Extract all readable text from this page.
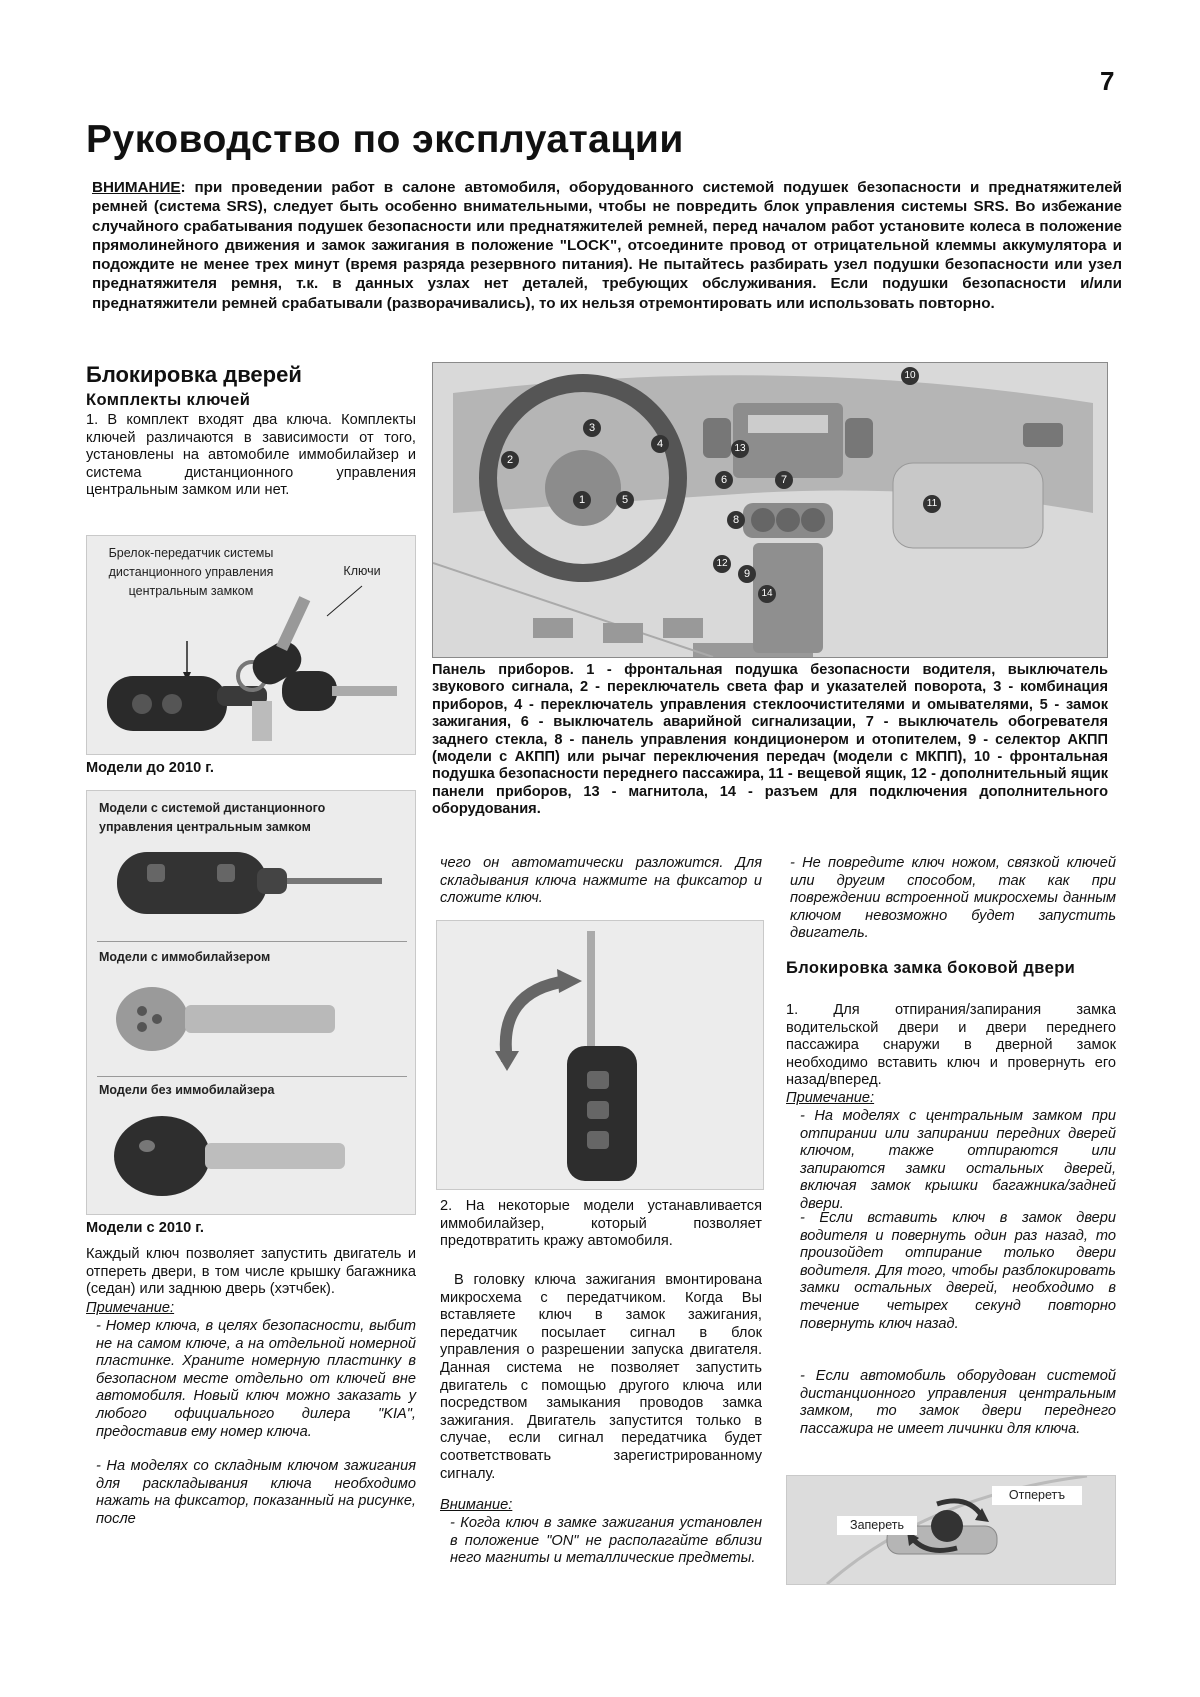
7
Руководство по эксплуатации
ВНИМАНИЕ: при проведении работ в салоне автомобиля, оборудованного системой подушек безопасности и преднатяжителей ремней (система SRS), следует быть особенно внимательными, чтобы не повредить блок управления системы SRS. Во избежание случайного срабатывания подушек безопасности или преднатяжителей ремней, перед началом работ установите колеса в положение прямолинейного движения и замок зажигания в положение "LOCK", отсоедините провод от отрицательной клеммы аккумулятора и подождите не менее трех минут (время разряда резервного питания). Не пытайтесь разбирать узел подушки безопасности или узел преднатяжителя ремня, т.к. в данных узлах нет деталей, требующих обслуживания. Если подушки безопасности и/или преднатяжители ремней срабатывали (разворачивались), то их нельзя отремонтировать или использовать повторно.
Блокировка дверей
Комплекты ключей
1. В комплект входят два ключа. Комплекты ключей различаются в зависимости от того, установлены на автомобиле иммобилайзер и система дистанционного управления центральным замком или нет.
Брелок-передатчик системы дистанционного управления центральным замком
Ключи
Модели до 2010 г.
Модели с системой дистанционного управления центральным замком
Модели с иммобилайзером
Модели без иммобилайзера
Модели с 2010 г.
Каждый ключ позволяет запустить двигатель и отпереть двери, в том числе крышку багажника (седан) или заднюю дверь (хэтчбек).
Примечание:
- Номер ключа, в целях безопасности, выбит не на самом ключе, а на отдельной номерной пластинке. Храните номерную пластинку в безопасном месте отдельно от ключей вне автомобиля. Новый ключ можно заказать у любого официального дилера "KIA", предоставив ему номер ключа.
- На моделях со складным ключом зажигания для раскладывания ключа необходимо нажать на фиксатор, показанный на рисунке, после
1
2
3
4
5
6	7
8
9
10
11
12
13
14
Панель приборов. 1 - фронтальная подушка безопасности водителя, выключатель звукового сигнала, 2 - переключатель света фар и указателей поворота, 3 - комбинация приборов, 4 - переключатель управления стеклоочистителями и омывателями, 5 - замок зажигания, 6 - выключатель аварийной сигнализации, 7 - выключатель обогревателя заднего стекла, 8 - панель управления кондиционером и отопителем, 9 - селектор АКПП (модели с АКПП) или рычаг переключения передач (модели с МКПП), 10 - фронтальная подушка безопасности переднего пассажира, 11 - вещевой ящик, 12 - дополнительный ящик панели приборов, 13 - магнитола, 14 - разъем для подключения дополнительного оборудования.
чего он автоматически разложится. Для складывания ключа нажмите на фиксатор и сложите ключ.
2. На некоторые модели устанавливается иммобилайзер, который позволяет предотвратить кражу автомобиля.
В головку ключа зажигания вмонтирована микросхема с передатчиком. Когда Вы вставляете ключ в замок зажигания, передатчик посылает сигнал в блок управления о разрешении запуска двигателя. Данная система не позволяет запустить двигатель с помощью другого ключа или посредством замыкания проводов замка зажигания. Двигатель запустится только в случае, если сигнал передатчика будет соответствовать зарегистрированному сигналу.
Внимание:
- Когда ключ в замке зажигания установлен в положение "ON" не располагайте вблизи него магниты и металлические предметы.
- Не повредите ключ ножом, связкой ключей или другим способом, так как при повреждении встроенной микросхемы данным ключом невозможно будет запустить двигатель.
Блокировка замка боковой двери
1. Для отпирания/запирания замка водительской двери и двери переднего пассажира снаружи в дверной замок необходимо вставить ключ и провернуть его назад/вперед.
Примечание:
- На моделях с центральным замком при отпирании или запирании передних дверей ключом, также отпираются или запираются замки остальных дверей, включая замок крышки багажника/задней двери.
- Если вставить ключ в замок двери водителя и повернуть один раз назад, то произойдет отпирание только двери водителя. Для того, чтобы разблокировать замки остальных дверей, необходимо в течение четырех секунд повторно повернуть ключ назад.
- Если автомобиль оборудован системой дистанционного управления центральным замком, то замок двери переднего пассажира не имеет личинки для ключа.
Отперетъ
Запереть
